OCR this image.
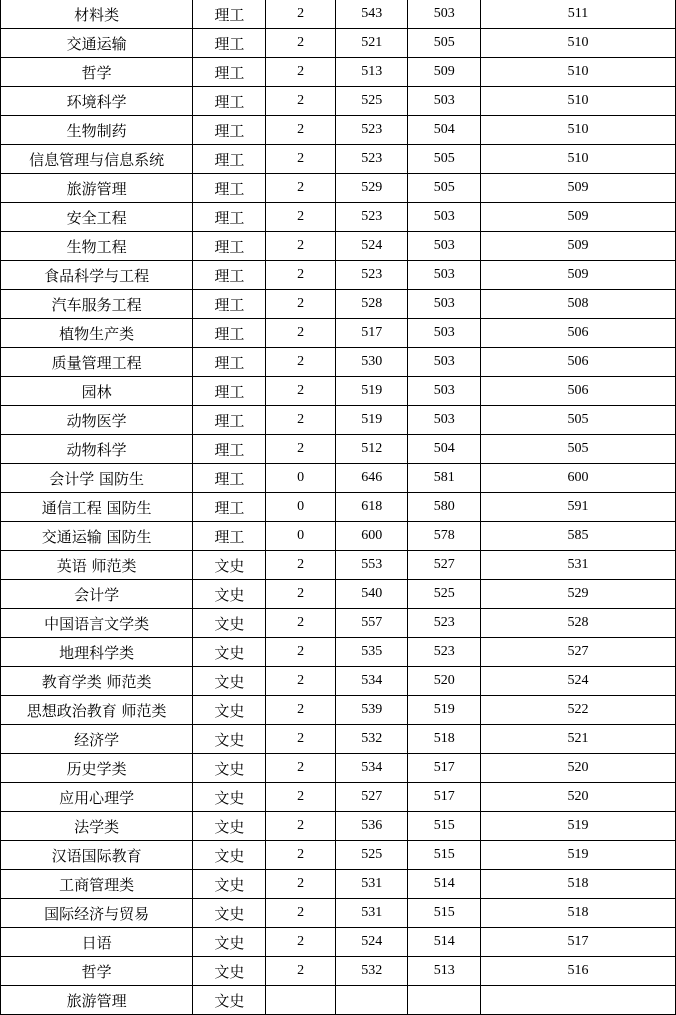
材料类	理工	2	543	503	511
交通运输	理工	2	521	505	510
哲学	理工	2	513	509	510
环境科学	理工	2	525	503	510
生物制药	理工	2	523	504	510
信息管理与信息系统	理工	2	523	505	510
旅游管理	理工	2	529	505	509
安全工程	理工	2	523	503	509
生物工程	理工	2	524	503	509
食品科学与工程	理工	2	523	503	509
汽车服务工程	理工	2	528	503	508
植物生产类	理工	2	517	503	506
质量管理工程	理工	2	530	503	506
园林	理工	2	519	503	506
动物医学	理工	2	519	503	505
动物科学	理工	2	512	504	505
会计学 国防生	理工	0	646	581	600
通信工程 国防生	理工	0	618	580	591
交通运输 国防生	理工	0	600	578	585
英语 师范类	文史	2	553	527	531
会计学	文史	2	540	525	529
中国语言文学类	文史	2	557	523	528
地理科学类	文史	2	535	523	527
教育学类 师范类	文史	2	534	520	524
思想政治教育 师范类	文史	2	539	519	522
经济学	文史	2	532	518	521
历史学类	文史	2	534	517	520
应用心理学	文史	2	527	517	520
法学类	文史	2	536	515	519
汉语国际教育	文史	2	525	515	519
工商管理类	文史	2	531	514	518
国际经济与贸易	文史	2	531	515	518
日语	文史	2	524	514	517
哲学	文史	2	532	513	516
旅游管理	文史				
